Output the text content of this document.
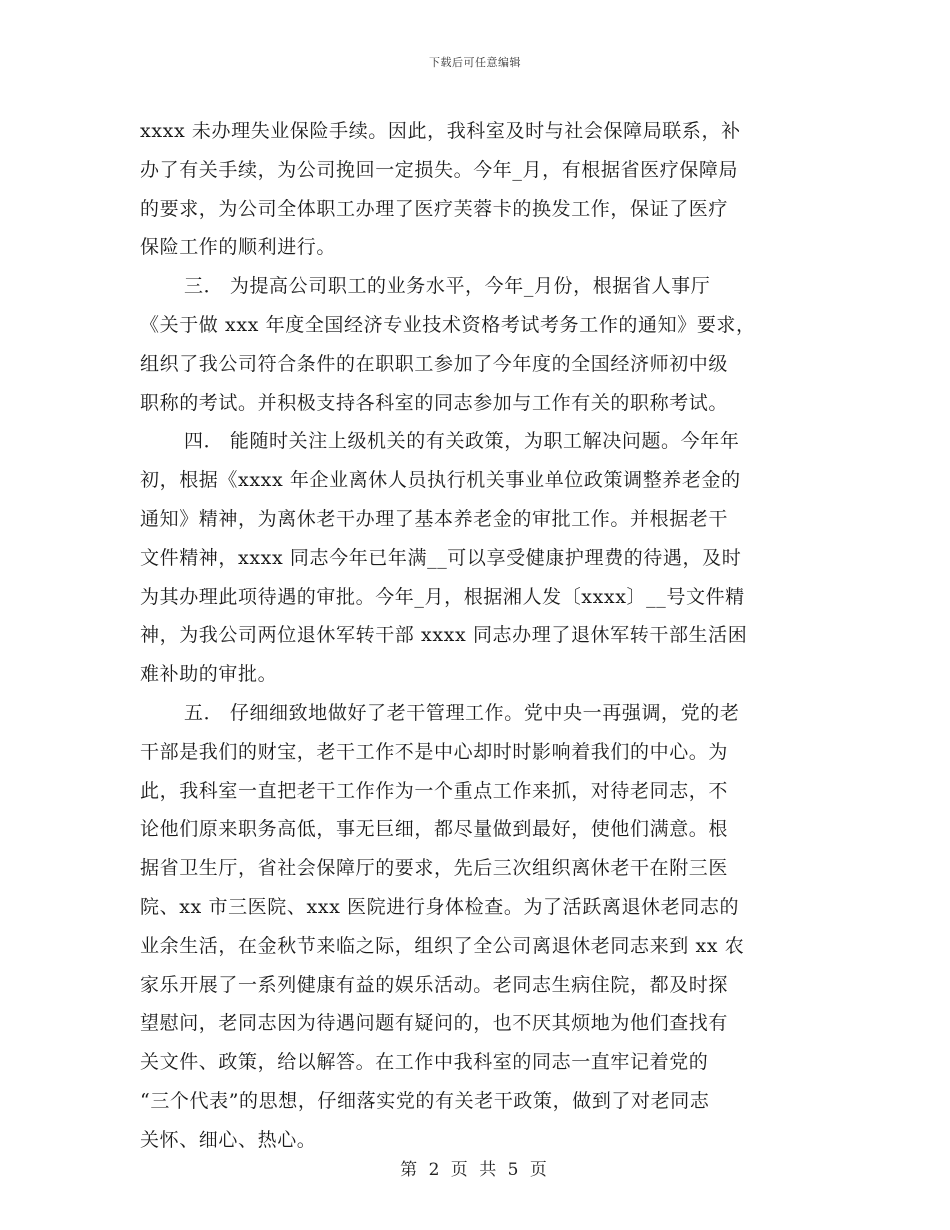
下载后可任意编辑
xxxx 未办理失业保险手续。因此，我科室及时与社会保障局联系，补
办了有关手续，为公司挽回一定损失。今年_月，有根据省医疗保障局
的要求，为公司全体职工办理了医疗芙蓉卡的换发工作，保证了医疗
保险工作的顺利进行。
三． 为提高公司职工的业务水平，今年_月份，根据省人事厅
《关于做 xxx 年度全国经济专业技术资格考试考务工作的通知》要求，
组织了我公司符合条件的在职职工参加了今年度的全国经济师初中级
职称的考试。并积极支持各科室的同志参加与工作有关的职称考试。
四． 能随时关注上级机关的有关政策，为职工解决问题。今年年
初，根据《xxxx 年企业离休人员执行机关事业单位政策调整养老金的
通知》精神，为离休老干办理了基本养老金的审批工作。并根据老干
文件精神，xxxx 同志今年已年满__可以享受健康护理费的待遇，及时
为其办理此项待遇的审批。今年_月，根据湘人发〔xxxx〕__号文件精
神，为我公司两位退休军转干部 xxxx 同志办理了退休军转干部生活困
难补助的审批。
五． 仔细细致地做好了老干管理工作。党中央一再强调，党的老
干部是我们的财宝，老干工作不是中心却时时影响着我们的中心。为
此，我科室一直把老干工作作为一个重点工作来抓，对待老同志，不
论他们原来职务高低，事无巨细，都尽量做到最好，使他们满意。根
据省卫生厅，省社会保障厅的要求，先后三次组织离休老干在附三医
院、xx 市三医院、xxx 医院进行身体检查。为了活跃离退休老同志的
业余生活，在金秋节来临之际，组织了全公司离退休老同志来到 xx 农
家乐开展了一系列健康有益的娱乐活动。老同志生病住院，都及时探
望慰问，老同志因为待遇问题有疑问的，也不厌其烦地为他们查找有
关文件、政策，给以解答。在工作中我科室的同志一直牢记着党的
“三个代表”的思想，仔细落实党的有关老干政策，做到了对老同志
关怀、细心、热心。
第 2 页 共 5 页
